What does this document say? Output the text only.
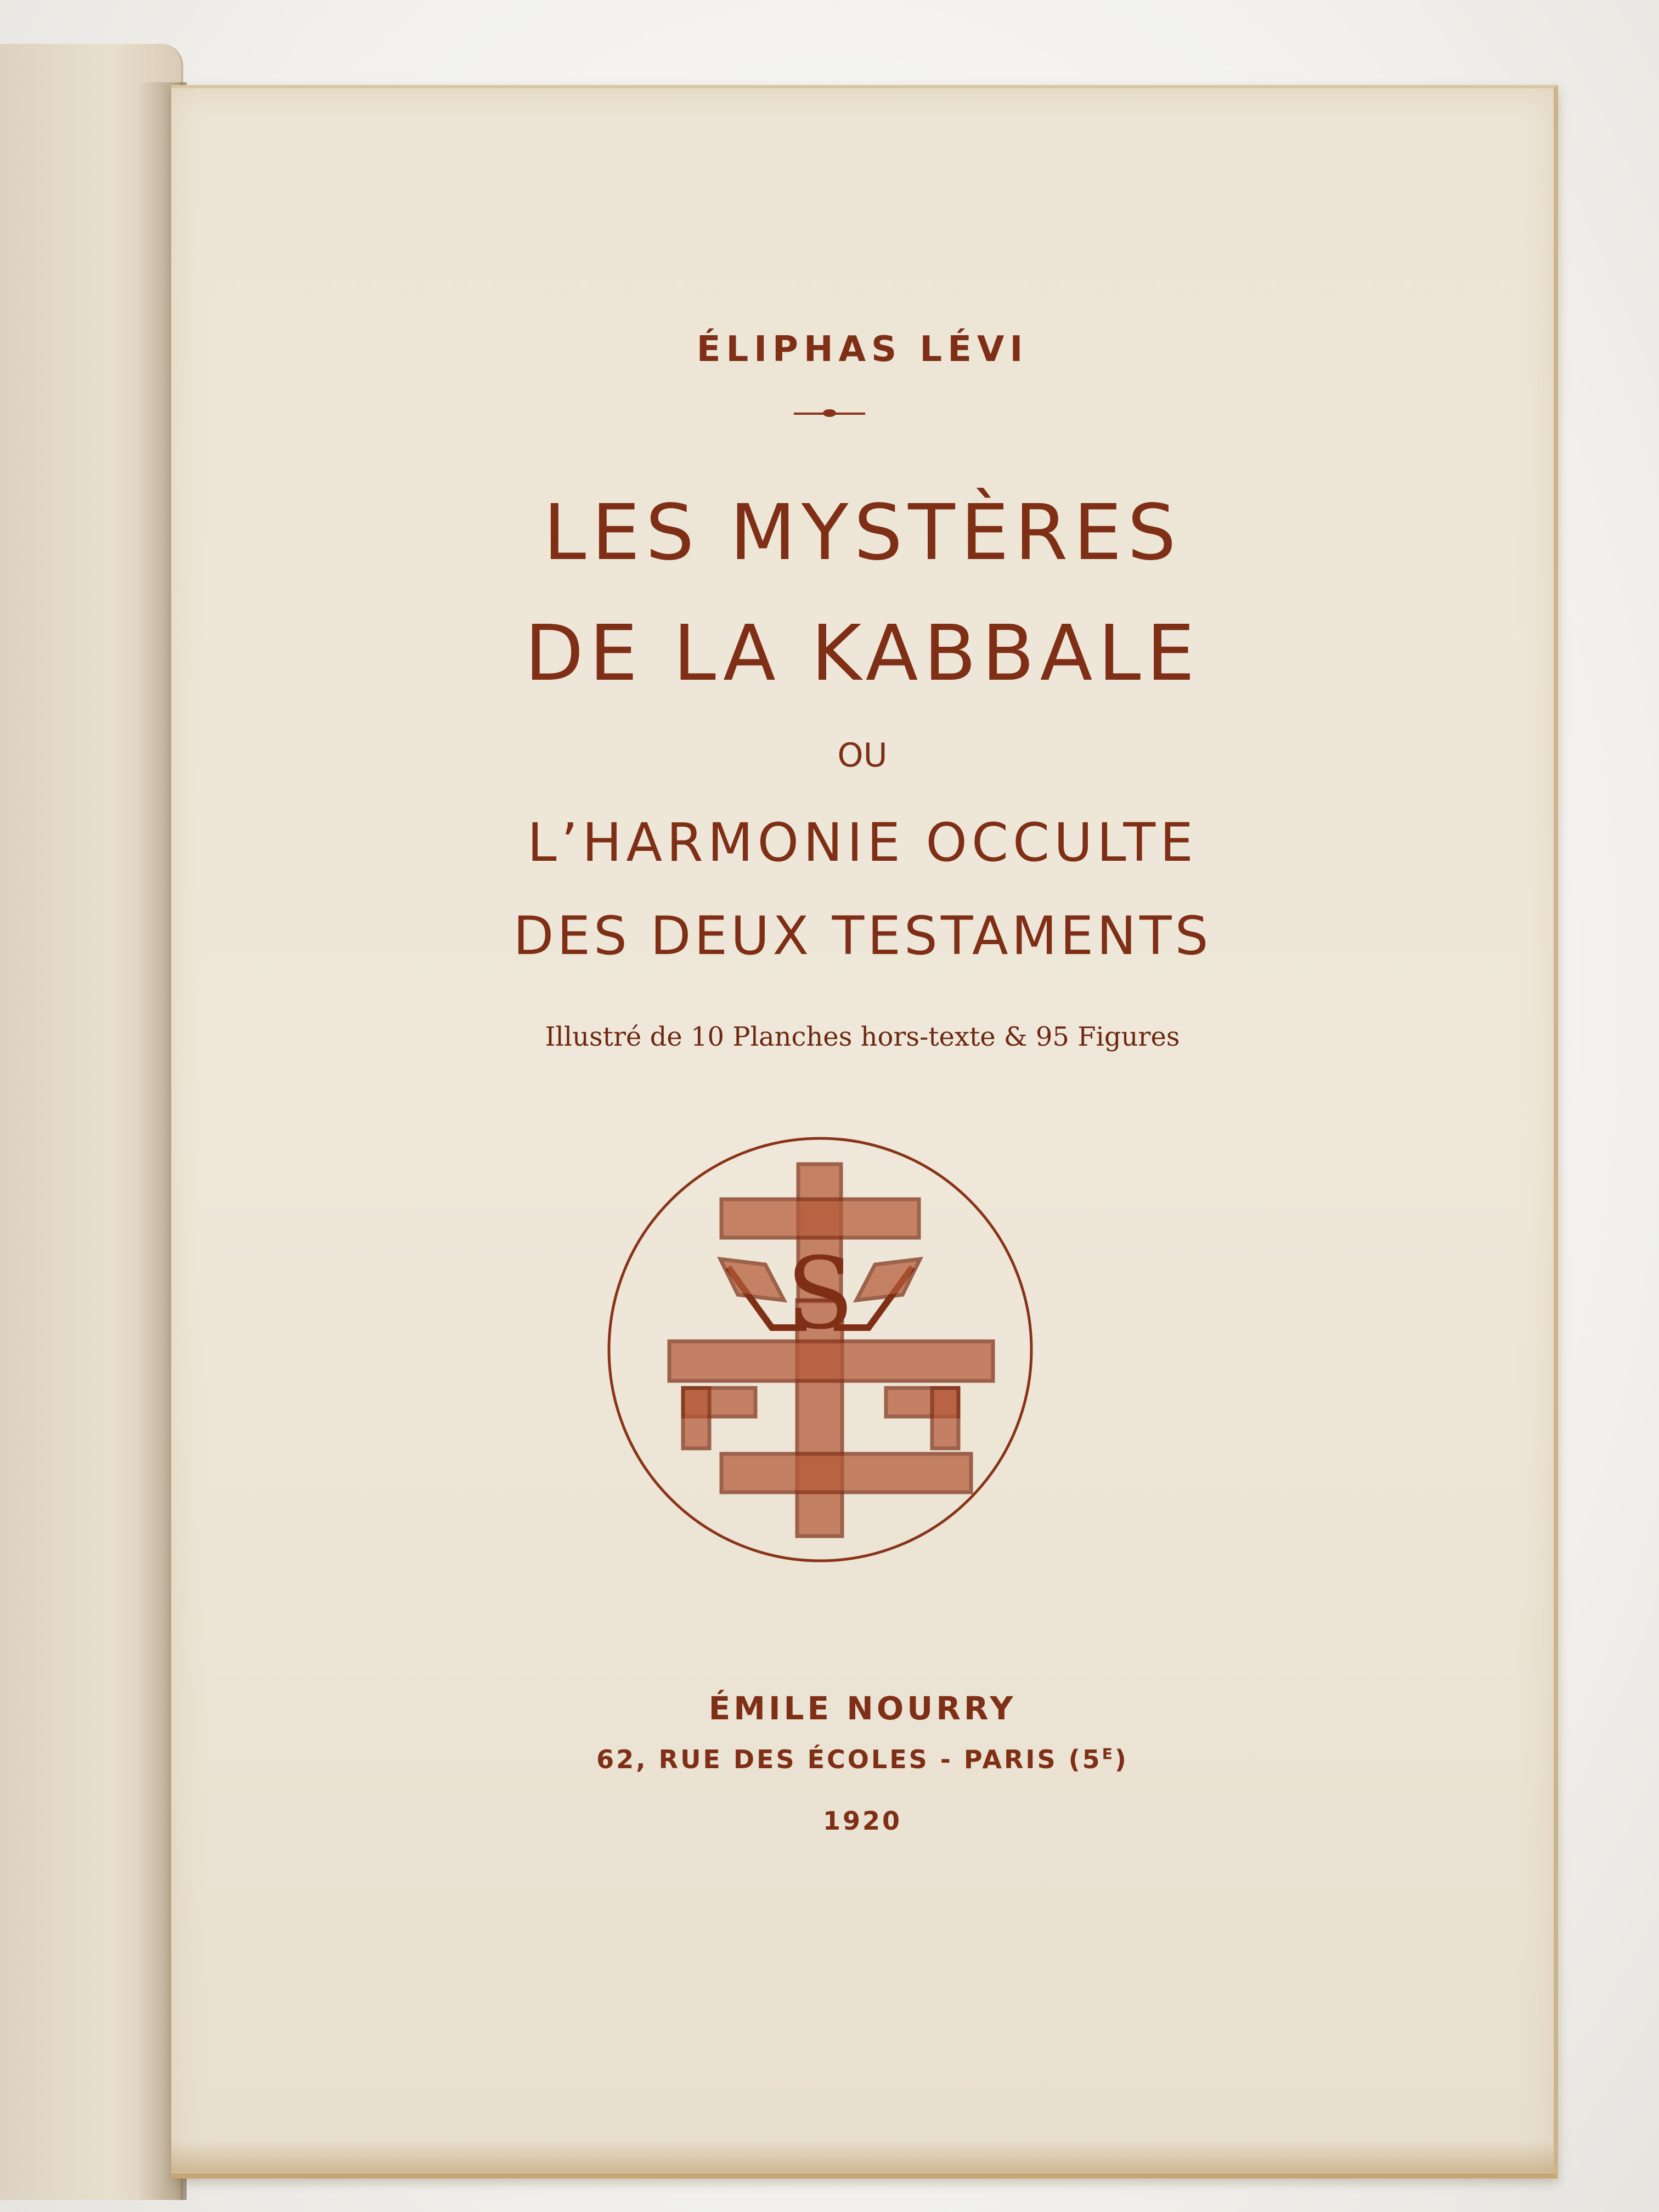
ÉLIPHAS LÉVI
LES MYSTÈRES
DE LA KABBALE
OU
L’HARMONIE OCCULTE
DES DEUX TESTAMENTS
Illustré de 10 Planches hors-texte & 95 Figures
S
ÉMILE NOURRY
62, RUE DES ÉCOLES - PARIS $(5^E)$
1920
